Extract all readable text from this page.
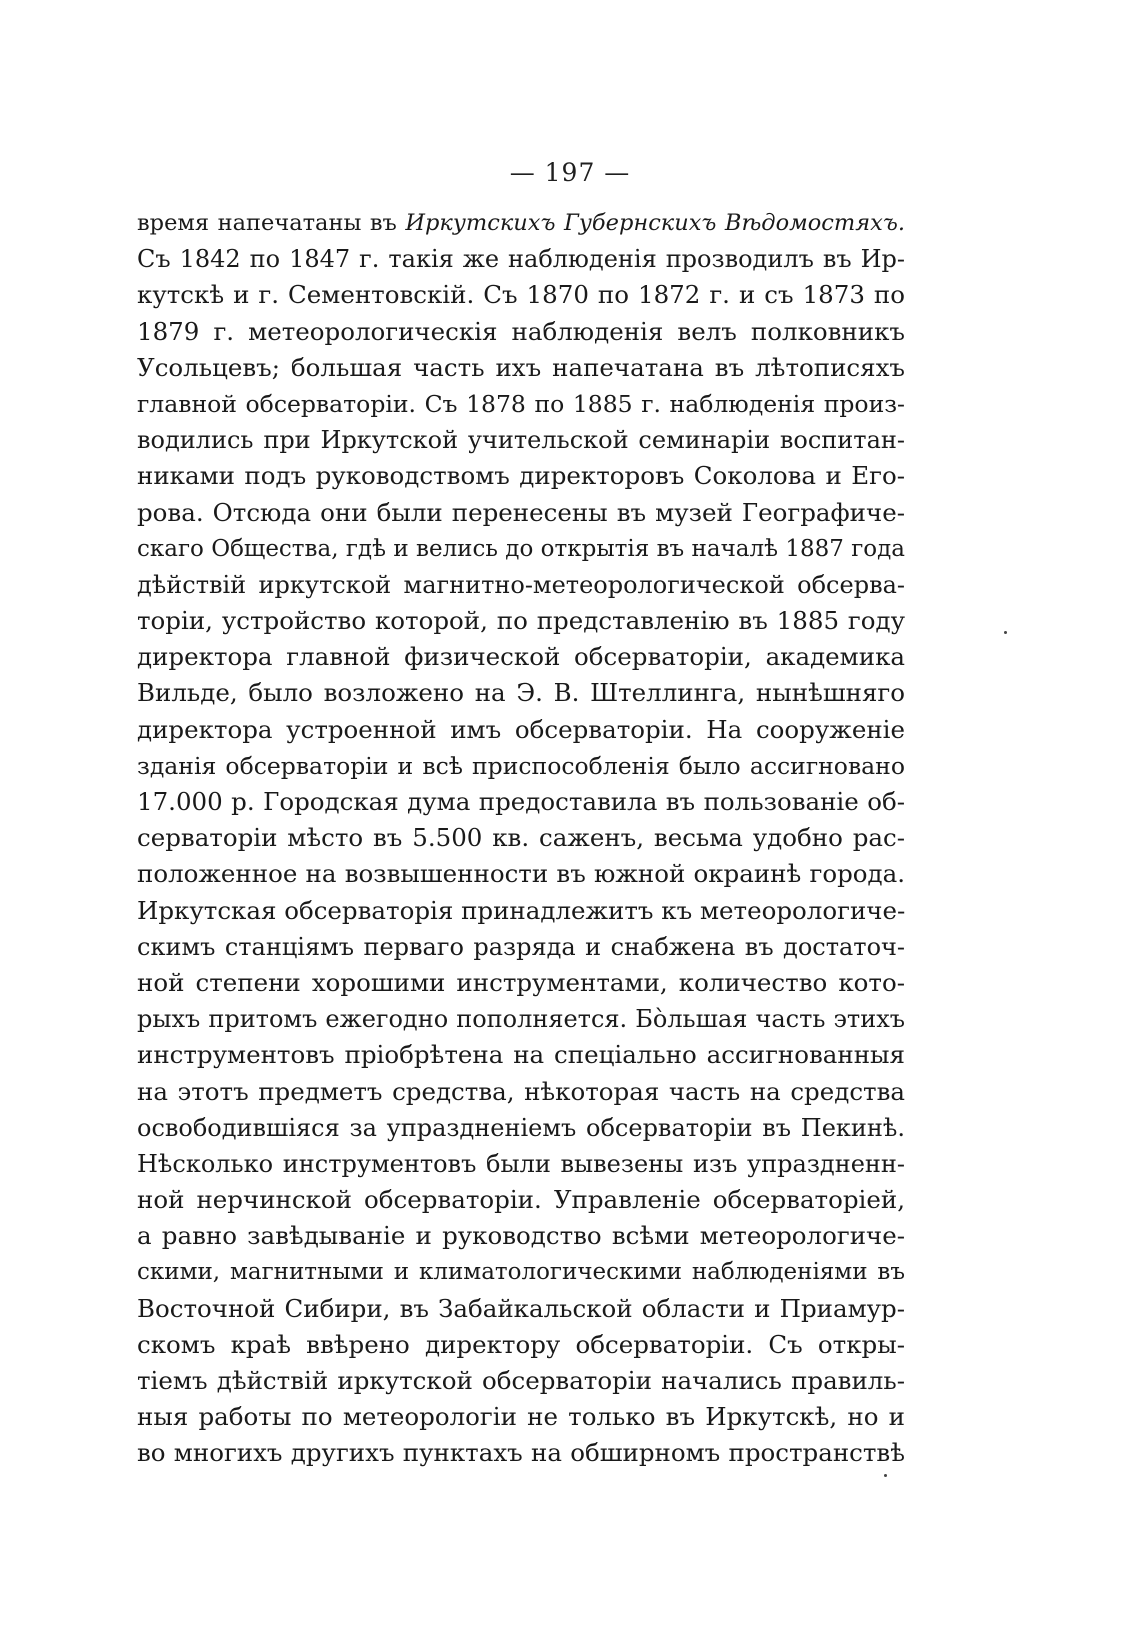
— 197 —
время напечатаны въ Иркутскихъ Губернскихъ Вѣдомостяхъ.
Съ 1842 по 1847 г. такія же наблюденія прозводилъ въ Ир-
кутскѣ и г. Сементовскій. Съ 1870 по 1872 г. и съ 1873 по
1879 г. метеорологическія наблюденія велъ полковникъ
Усольцевъ; большая часть ихъ напечатана въ лѣтописяхъ
главной обсерваторіи. Съ 1878 по 1885 г. наблюденія произ-
водились при Иркутской учительской семинаріи воспитан-
никами подъ руководствомъ директоровъ Соколова и Его-
рова. Отсюда они были перенесены въ музей Географиче-
скаго Общества, гдѣ и велись до открытія въ началѣ 1887 года
дѣйствій иркутской магнитно-метеорологической обсерва-
торіи, устройство которой, по представленію въ 1885 году
директора главной физической обсерваторіи, академика
Вильде, было возложено на Э. В. Штеллинга, нынѣшняго
директора устроенной имъ обсерваторіи. На сооруженіе
зданія обсерваторіи и всѣ приспособленія было ассигновано
17.000 р. Городская дума предоставила въ пользованіе об-
серваторіи мѣсто въ 5.500 кв. саженъ, весьма удобно рас-
положенное на возвышенности въ южной окраинѣ города.
Иркутская обсерваторія принадлежитъ къ метеорологиче-
скимъ станціямъ перваго разряда и снабжена въ достаточ-
ной степени хорошими инструментами, количество кото-
рыхъ притомъ ежегодно пополняется. Бо̀льшая часть этихъ
инструментовъ пріобрѣтена на спеціально ассигнованныя
на этотъ предметъ средства, нѣкоторая часть на средства
освободившіяся за упраздненіемъ обсерваторіи въ Пекинѣ.
Нѣсколько инструментовъ были вывезены изъ упраздненн-
ной нерчинской обсерваторіи. Управленіе обсерваторіей,
а равно завѣдываніе и руководство всѣми метеорологиче-
скими, магнитными и климатологическими наблюденіями въ
Восточной Сибири, въ Забайкальской области и Приамур-
скомъ краѣ ввѣрено директору обсерваторіи. Съ откры-
тіемъ дѣйствій иркутской обсерваторіи начались правиль-
ныя работы по метеорологіи не только въ Иркутскѣ, но и
во многихъ другихъ пунктахъ на обширномъ пространствѣ
